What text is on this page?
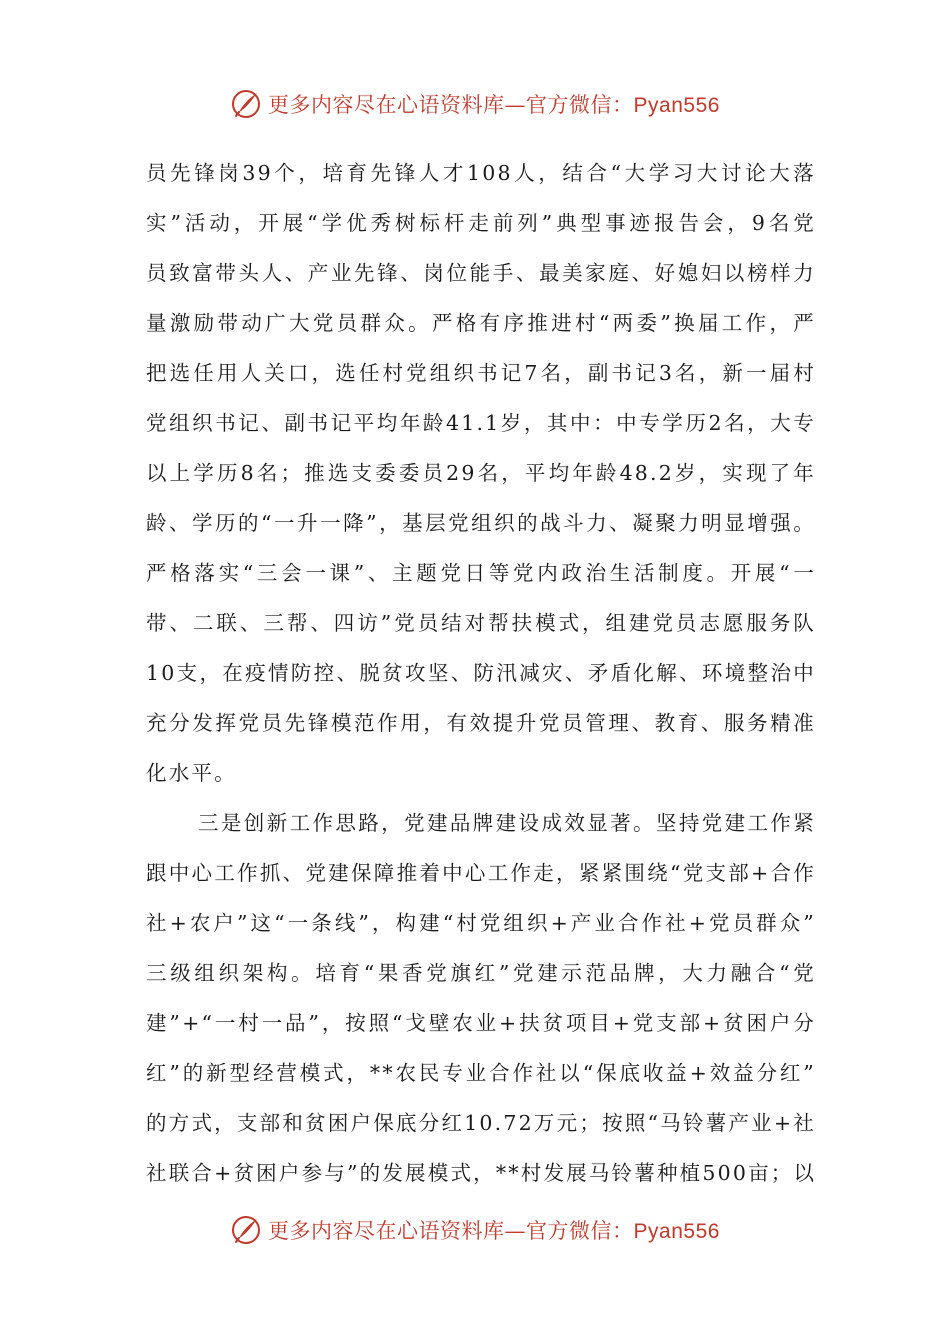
更多内容尽在心语资料库—官方微信：Pyan556
员先锋岗39个，培育先锋人才108人，结合“大学习大讨论大落
实”活动，开展“学优秀树标杆走前列”典型事迹报告会，9名党
员致富带头人、产业先锋、岗位能手、最美家庭、好媳妇以榜样力
量激励带动广大党员群众。严格有序推进村“两委”换届工作，严
把选任用人关口，选任村党组织书记7名，副书记3名，新一届村
党组织书记、副书记平均年龄41.1岁，其中：中专学历2名，大专
以上学历8名；推选支委委员29名，平均年龄48.2岁，实现了年
龄、学历的“一升一降”，基层党组织的战斗力、凝聚力明显增强。
严格落实“三会一课”、主题党日等党内政治生活制度。开展“一
带、二联、三帮、四访”党员结对帮扶模式，组建党员志愿服务队
10支，在疫情防控、脱贫攻坚、防汛减灾、矛盾化解、环境整治中
充分发挥党员先锋模范作用，有效提升党员管理、教育、服务精准
化水平。
三是创新工作思路，党建品牌建设成效显著。坚持党建工作紧
跟中心工作抓、党建保障推着中心工作走，紧紧围绕“党支部+合作
社+农户”这“一条线”，构建“村党组织+产业合作社+党员群众”
三级组织架构。培育“果香党旗红”党建示范品牌，大力融合“党
建”+“一村一品”，按照“戈壁农业+扶贫项目+党支部+贫困户分
红”的新型经营模式，**农民专业合作社以“保底收益+效益分红”
的方式，支部和贫困户保底分红10.72万元；按照“马铃薯产业+社
社联合+贫困户参与”的发展模式，**村发展马铃薯种植500亩；以
更多内容尽在心语资料库—官方微信：Pyan556
